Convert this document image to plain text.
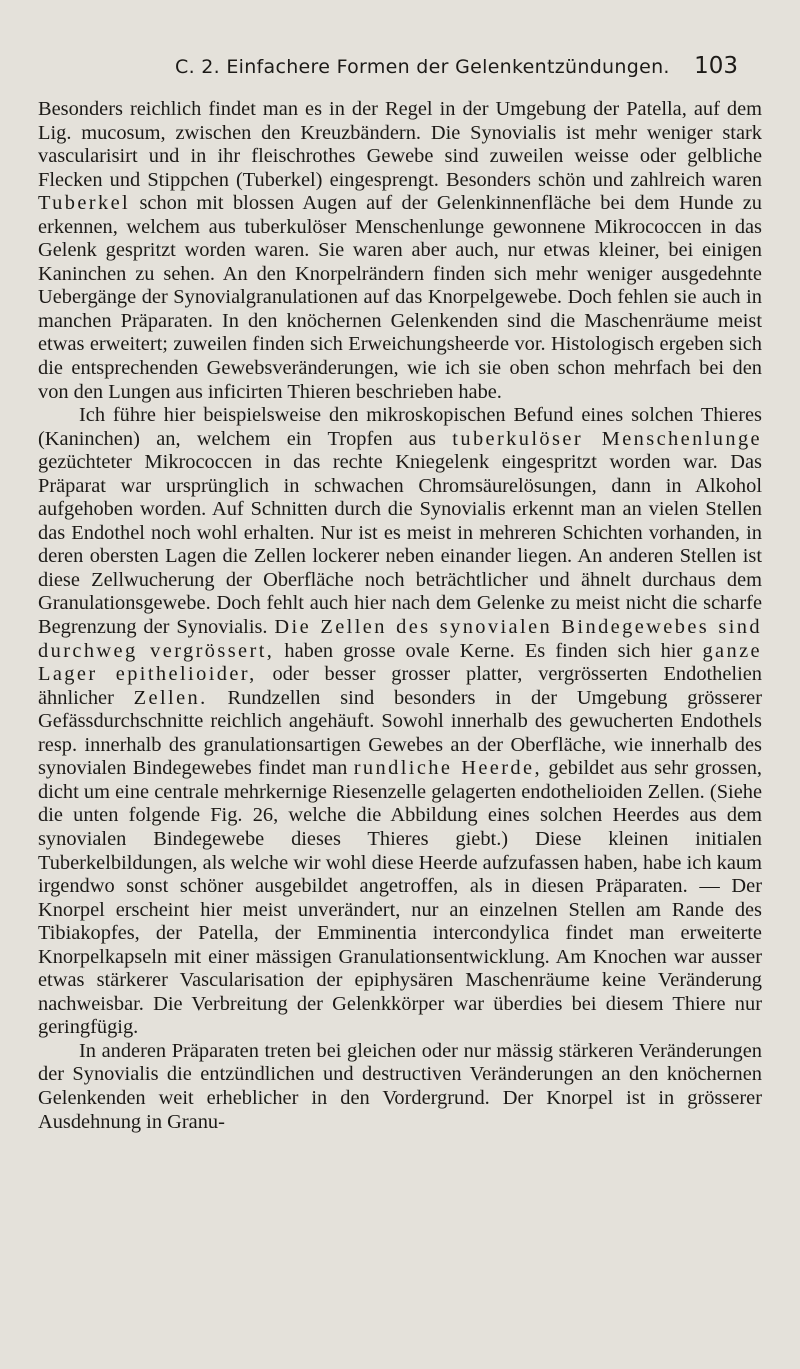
C. 2. Einfachere Formen der Gelenkentzündungen. 103

Besonders reichlich findet man es in der Regel in der Umgebung der Patella, auf dem Lig. mucosum, zwischen den Kreuzbändern. Die Synovialis ist mehr weniger stark vascularisirt und in ihr fleischrothes Gewebe sind zuweilen weisse oder gelbliche Flecken und Stippchen (Tuberkel) eingesprengt. Besonders schön und zahlreich waren Tuberkel schon mit blossen Augen auf der Gelenkinnenfläche bei dem Hunde zu erkennen, welchem aus tuberkulöser Menschenlunge gewonnene Mikrococcen in das Gelenk gespritzt worden waren. Sie waren aber auch, nur etwas kleiner, bei einigen Kaninchen zu sehen. An den Knorpelrändern finden sich mehr weniger ausgedehnte Uebergänge der Synovialgranulationen auf das Knorpelgewebe. Doch fehlen sie auch in manchen Präparaten. In den knöchernen Gelenkenden sind die Maschenräume meist etwas erweitert; zuweilen finden sich Erweichungsheerde vor. Histologisch ergeben sich die entsprechenden Gewebsveränderungen, wie ich sie oben schon mehrfach bei den von den Lungen aus inficirten Thieren beschrieben habe.

Ich führe hier beispielsweise den mikroskopischen Befund eines solchen Thieres (Kaninchen) an, welchem ein Tropfen aus tuberkulöser Menschenlunge gezüchteter Mikrococcen in das rechte Kniegelenk eingespritzt worden war. Das Präparat war ursprünglich in schwachen Chromsäurelösungen, dann in Alkohol aufgehoben worden. Auf Schnitten durch die Synovialis erkennt man an vielen Stellen das Endothel noch wohl erhalten. Nur ist es meist in mehreren Schichten vorhanden, in deren obersten Lagen die Zellen lockerer neben einander liegen. An anderen Stellen ist diese Zellwucherung der Oberfläche noch beträchtlicher und ähnelt durchaus dem Granulationsgewebe. Doch fehlt auch hier nach dem Gelenke zu meist nicht die scharfe Begrenzung der Synovialis. Die Zellen des synovialen Bindegewebes sind durchweg vergrössert, haben grosse ovale Kerne. Es finden sich hier ganze Lager epithelioider, oder besser grosser platter, vergrösserten Endothelien ähnlicher Zellen. Rundzellen sind besonders in der Umgebung grösserer Gefässdurchschnitte reichlich angehäuft. Sowohl innerhalb des gewucherten Endothels resp. innerhalb des granulationsartigen Gewebes an der Oberfläche, wie innerhalb des synovialen Bindegewebes findet man rundliche Heerde, gebildet aus sehr grossen, dicht um eine centrale mehrkernige Riesenzelle gelagerten endothelioiden Zellen. (Siehe die unten folgende Fig. 26, welche die Abbildung eines solchen Heerdes aus dem synovialen Bindegewebe dieses Thieres giebt.) Diese kleinen initialen Tuberkelbildungen, als welche wir wohl diese Heerde aufzufassen haben, habe ich kaum irgendwo sonst schöner ausgebildet angetroffen, als in diesen Präparaten. — Der Knorpel erscheint hier meist unverändert, nur an einzelnen Stellen am Rande des Tibiakopfes, der Patella, der Emminentia intercondylica findet man erweiterte Knorpelkapseln mit einer mässigen Granulationsentwicklung. Am Knochen war ausser etwas stärkerer Vascularisation der epiphysären Maschenräume keine Veränderung nachweisbar. Die Verbreitung der Gelenkkörper war überdies bei diesem Thiere nur geringfügig.

In anderen Präparaten treten bei gleichen oder nur mässig stärkeren Veränderungen der Synovialis die entzündlichen und destructiven Veränderungen an den knöchernen Gelenkenden weit erheblicher in den Vordergrund. Der Knorpel ist in grösserer Ausdehnung in Granu-
